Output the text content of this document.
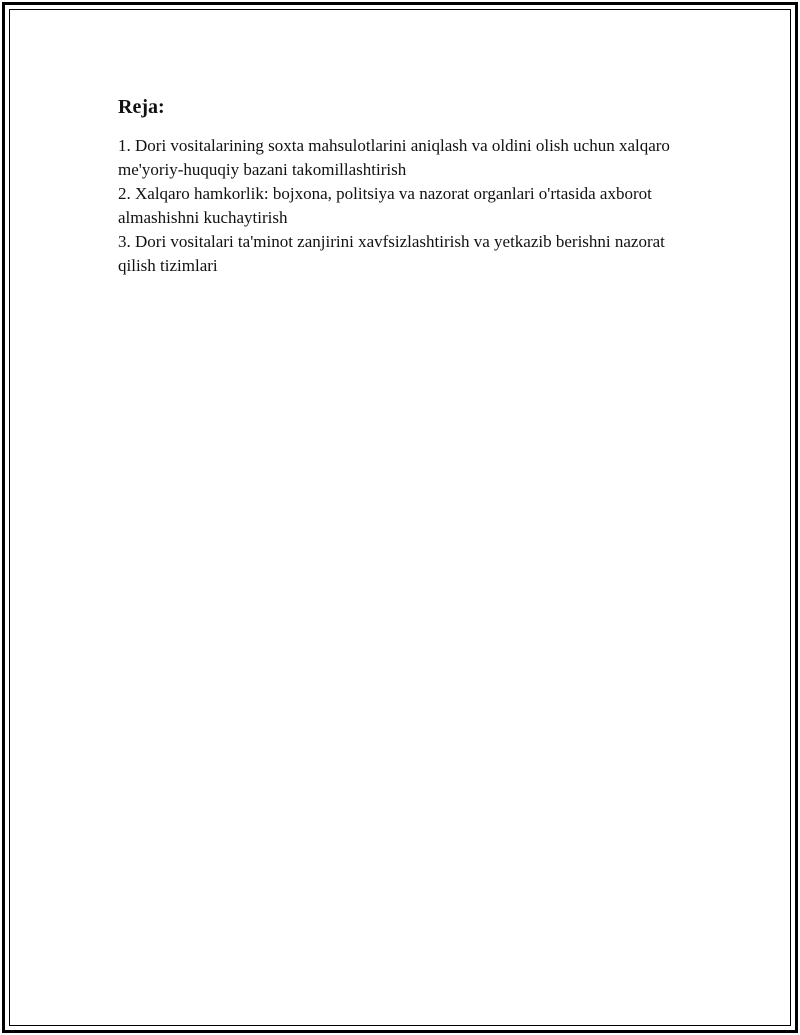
Reja:
1. Dori vositalarining soxta mahsulotlarini aniqlash va oldini olish uchun xalqaro me'yoriy-huquqiy bazani takomillashtirish
2. Xalqaro hamkorlik: bojxona, politsiya va nazorat organlari o'rtasida axborot almashishni kuchaytirish
3. Dori vositalari ta'minot zanjirini xavfsizlashtirish va yetkazib berishni nazorat qilish tizimlari
